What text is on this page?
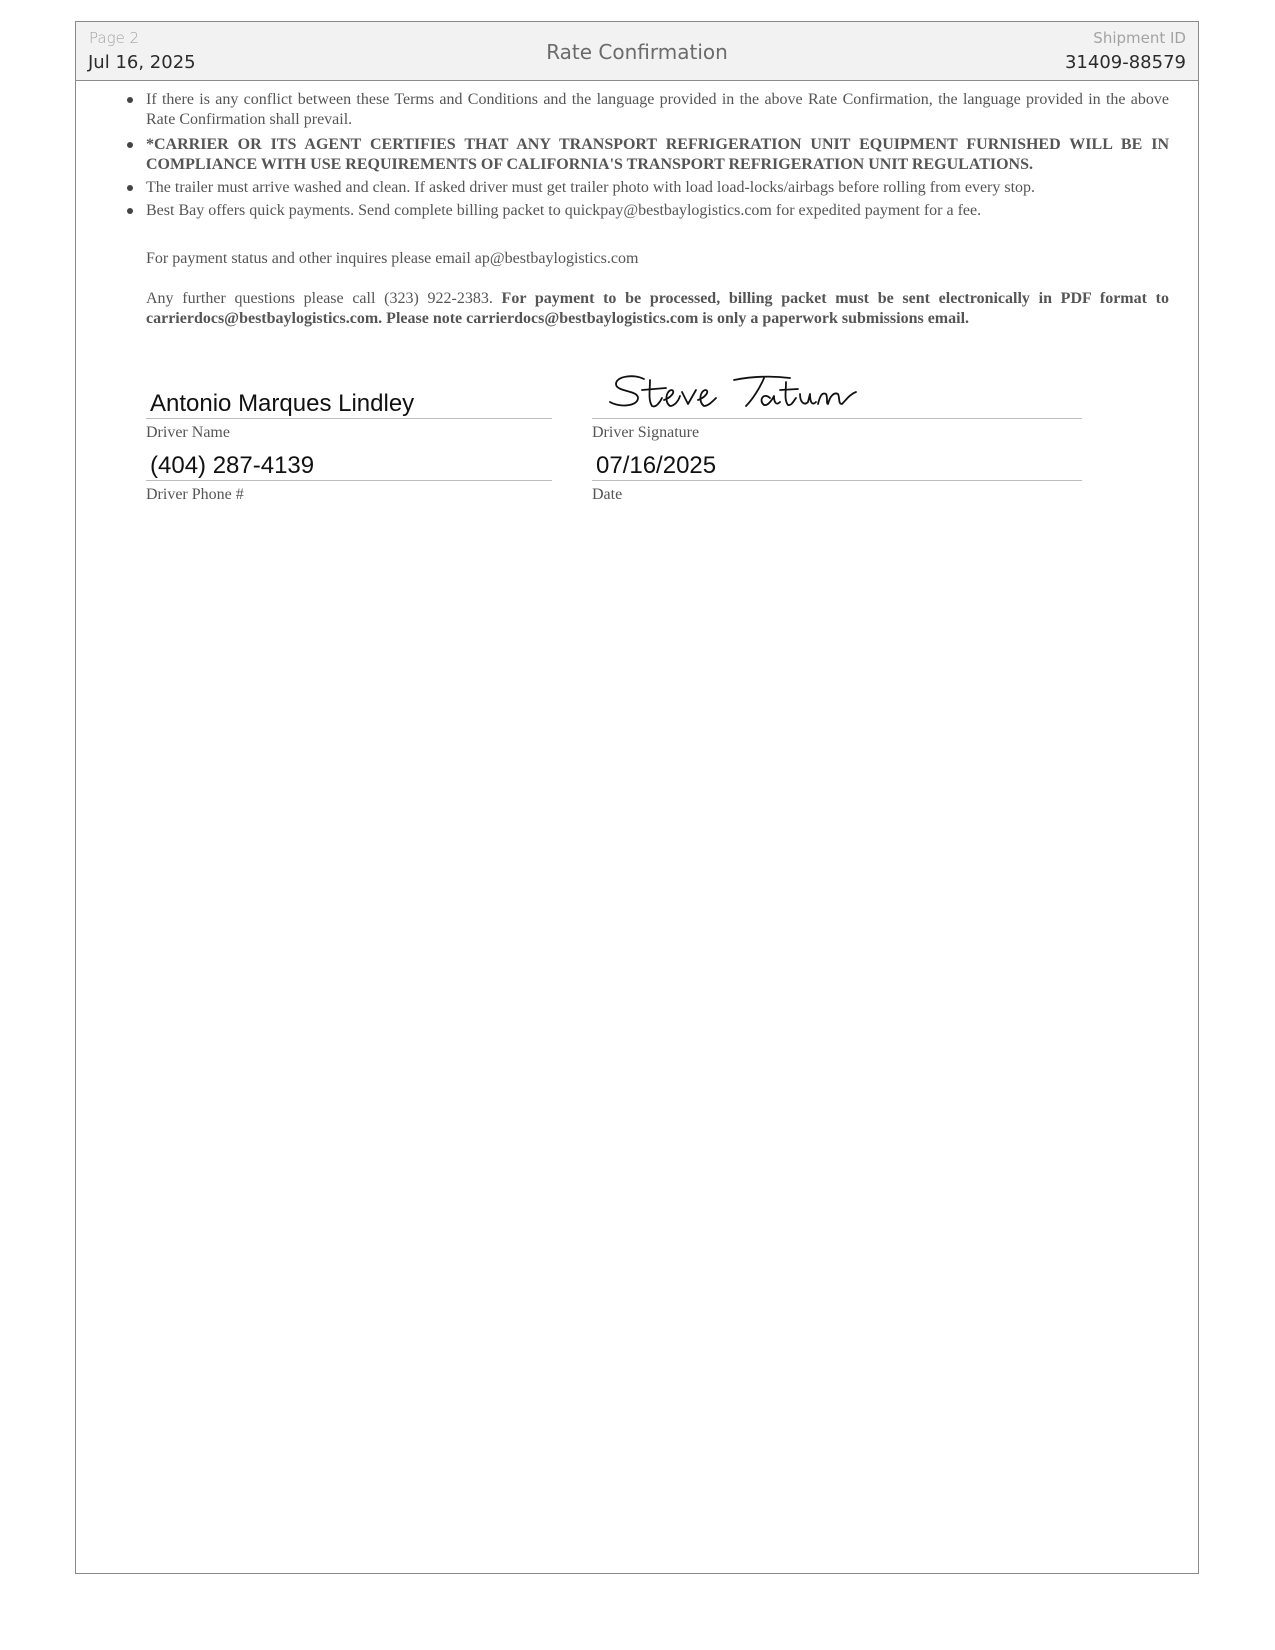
Page 2
Jul 16, 2025	Rate Confirmation
Shipment ID
31409-88579
If there is any conflict between these Terms and Conditions and the language provided in the above Rate Confirmation, the language provided in the above Rate Confirmation shall prevail.
*CARRIER OR ITS AGENT CERTIFIES THAT ANY TRANSPORT REFRIGERATION UNIT EQUIPMENT FURNISHED WILL BE IN COMPLIANCE WITH USE REQUIREMENTS OF CALIFORNIA'S TRANSPORT REFRIGERATION UNIT REGULATIONS.
The trailer must arrive washed and clean. If asked driver must get trailer photo with load load-locks/airbags before rolling from every stop.
Best Bay offers quick payments. Send complete billing packet to quickpay@bestbaylogistics.com for expedited payment for a fee.

For payment status and other inquires please email ap@bestbaylogistics.com

Any further questions please call (323) 922-2383. For payment to be processed, billing packet must be sent electronically in PDF format to carrierdocs@bestbaylogistics.com. Please note carrierdocs@bestbaylogistics.com is only a paperwork submissions email.

Antonio Marques Lindley
Driver Name	Driver Signature
(404) 287-4139
Driver Phone #
07/16/2025
Date
